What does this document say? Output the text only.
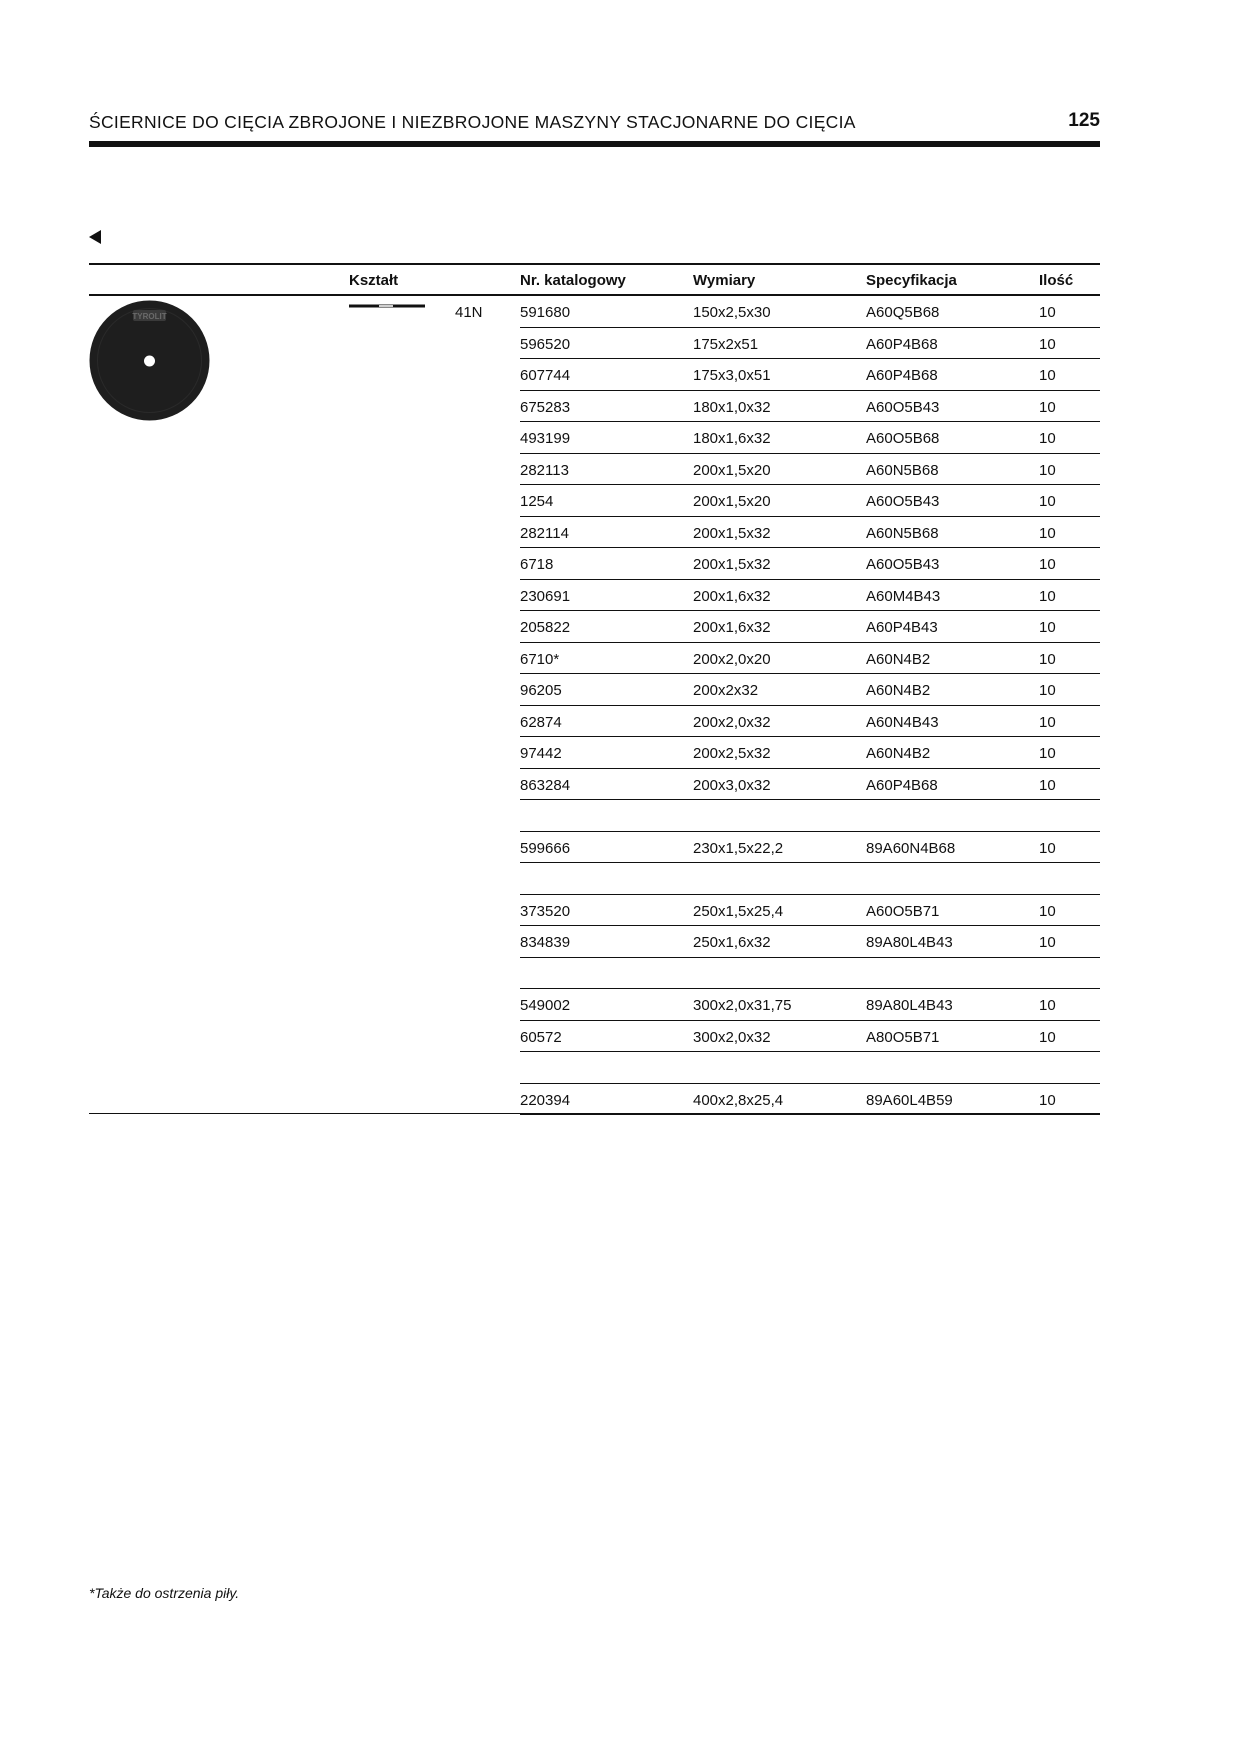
ŚCIERNICE DO CIĘCIA ZBROJONE I NIEZBROJONE MASZYNY STACJONARNE DO CIĘCIA	125
Kształt	Nr. katalogowy	Wymiary	Specyfikacja	Ilość
TYROLIT	41N 591680	150x2,5x30	A60Q5B68	10
596520	175x2x51	A60P4B68	10
607744	175x3,0x51	A60P4B68	10
675283	180x1,0x32	A60O5B43	10
493199	180x1,6x32	A60O5B68	10
282113	200x1,5x20	A60N5B68	10
1254	200x1,5x20	A60O5B43	10
282114	200x1,5x32	A60N5B68	10
6718	200x1,5x32	A60O5B43	10
230691	200x1,6x32	A60M4B43	10
205822	200x1,6x32	A60P4B43	10
6710*	200x2,0x20	A60N4B2	10
96205	200x2x32	A60N4B2	10
62874	200x2,0x32	A60N4B43	10
97442	200x2,5x32	A60N4B2	10
863284	200x3,0x32	A60P4B68	10
599666	230x1,5x22,2	89A60N4B68	10
373520	250x1,5x25,4	A60O5B71	10
834839	250x1,6x32	89A80L4B43	10
549002	300x2,0x31,75	89A80L4B43	10
60572	300x2,0x32	A80O5B71	10
220394	400x2,8x25,4	89A60L4B59	10
*Także do ostrzenia piły.
